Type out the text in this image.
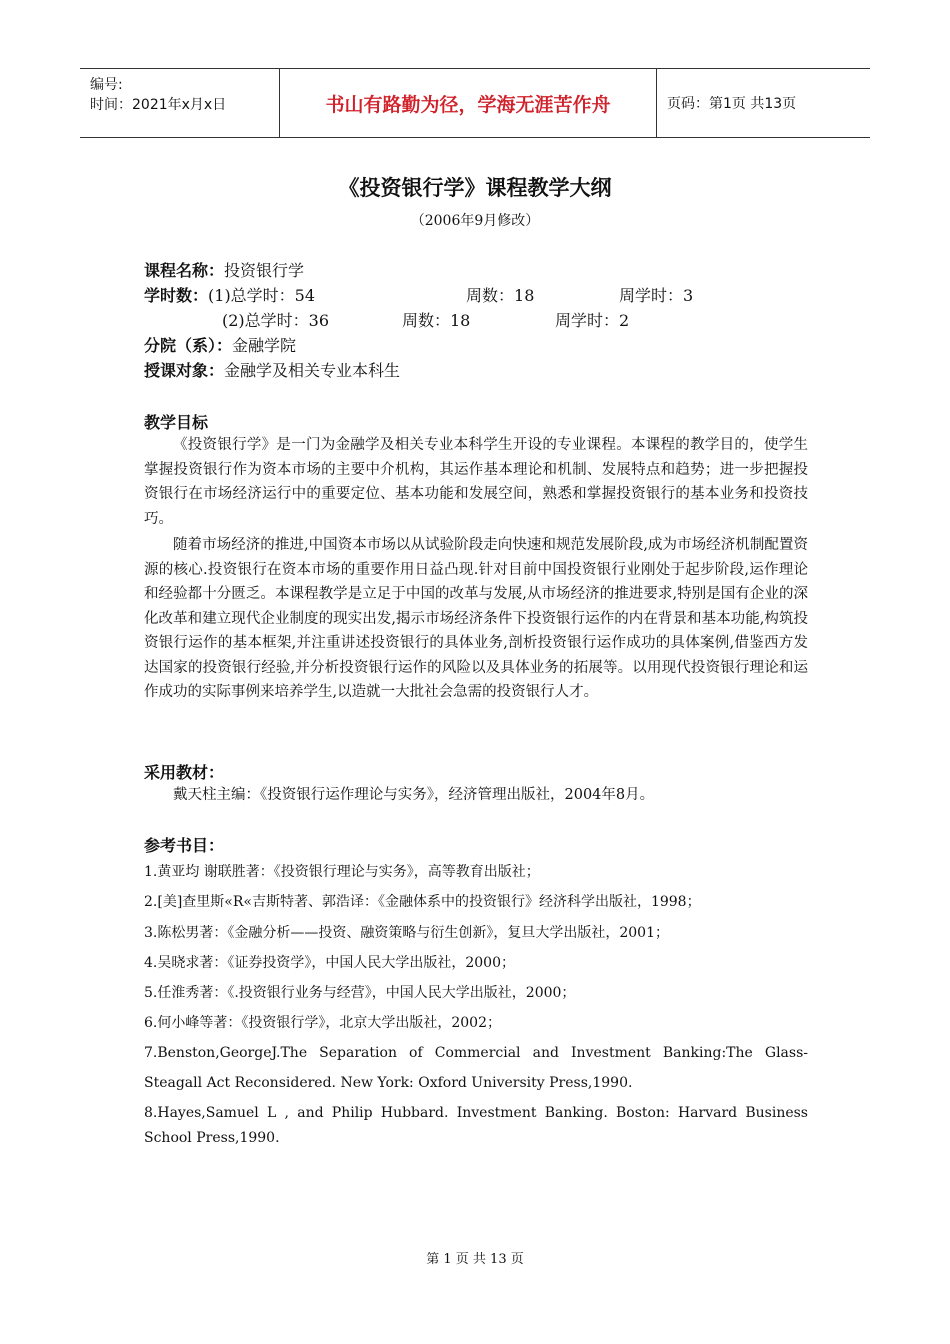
编号:
时间：2021年x月x日	书山有路勤为径，学海无涯苦作舟	页码：第1页 共13页
《投资银行学》课程教学大纲
（2006年9月修改）
课程名称： 投资银行学
学时数： (1)总学时：54	周数：18	周学时：3
(2)总学时：36	周数：18	周学时：2
分院（系）： 金融学院
授课对象： 金融学及相关专业本科生
教学目标

《投资银行学》是一门为金融学及相关专业本科学生开设的专业课程。本课程的教学目的，使学生掌握投资银行作为资本市场的主要中介机构，其运作基本理论和机制、发展特点和趋势；进一步把握投资银行在市场经济运行中的重要定位、基本功能和发展空间，熟悉和掌握投资银行的基本业务和投资技巧。

随着市场经济的推进,中国资本市场以从试验阶段走向快速和规范发展阶段,成为市场经济机制配置资源的核心.投资银行在资本市场的重要作用日益凸现.针对目前中国投资银行业刚处于起步阶段,运作理论和经验都十分匮乏。本课程教学是立足于中国的改革与发展,从市场经济的推进要求,特别是国有企业的深化改革和建立现代企业制度的现实出发,揭示市场经济条件下投资银行运作的内在背景和基本功能,构筑投资银行运作的基本框架,并注重讲述投资银行的具体业务,剖析投资银行运作成功的具体案例,借鉴西方发达国家的投资银行经验,并分析投资银行运作的风险以及具体业务的拓展等。以用现代投资银行理论和运作成功的实际事例来培养学生,以造就一大批社会急需的投资银行人才。

采用教材：

戴天柱主编：《投资银行运作理论与实务》，经济管理出版社，2004年8月。

参考书目：
1.黄亚均 谢联胜著：《投资银行理论与实务》，高等教育出版社；
2.[美]查里斯«R«吉斯特著、郭浩译：《金融体系中的投资银行》经济科学出版社，1998；
3.陈松男著：《金融分析——投资、融资策略与衍生创新》，复旦大学出版社，2001；
4.吴晓求著：《证券投资学》，中国人民大学出版社，2000；
5.任淮秀著：《.投资银行业务与经营》，中国人民大学出版社，2000；
6.何小峰等著：《投资银行学》，北京大学出版社，2002；
7.Benston,GeorgeJ.The Separation of Commercial and Investment Banking:The Glass-Steagall Act Reconsidered. New York: Oxford University Press,1990.
8.Hayes,Samuel L , and Philip Hubbard. Investment Banking. Boston: Harvard Business School Press,1990.
第 1 页 共 13 页
